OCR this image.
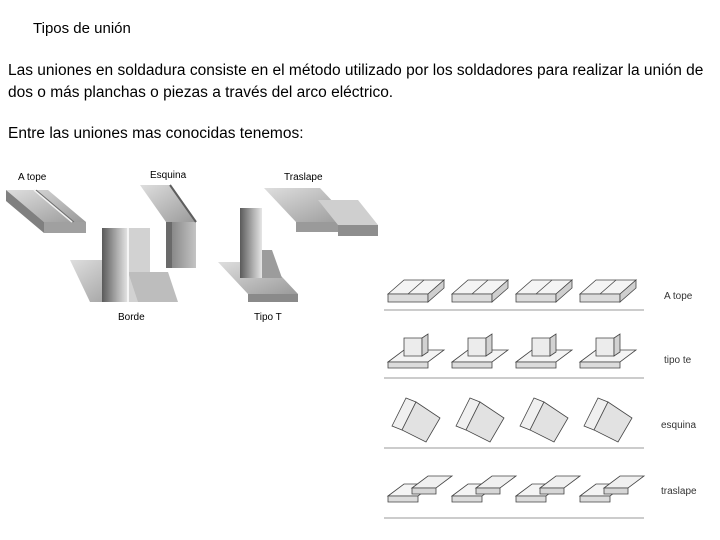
Tipos de unión
Las uniones en soldadura consiste en el método utilizado por los soldadores para realizar la unión de dos o más planchas o piezas a través del arco eléctrico.
Entre las uniones mas conocidas tenemos:
A tope	Esquina	Traslape
Borde	Tipo T
A tope
tipo te
esquina
traslape
